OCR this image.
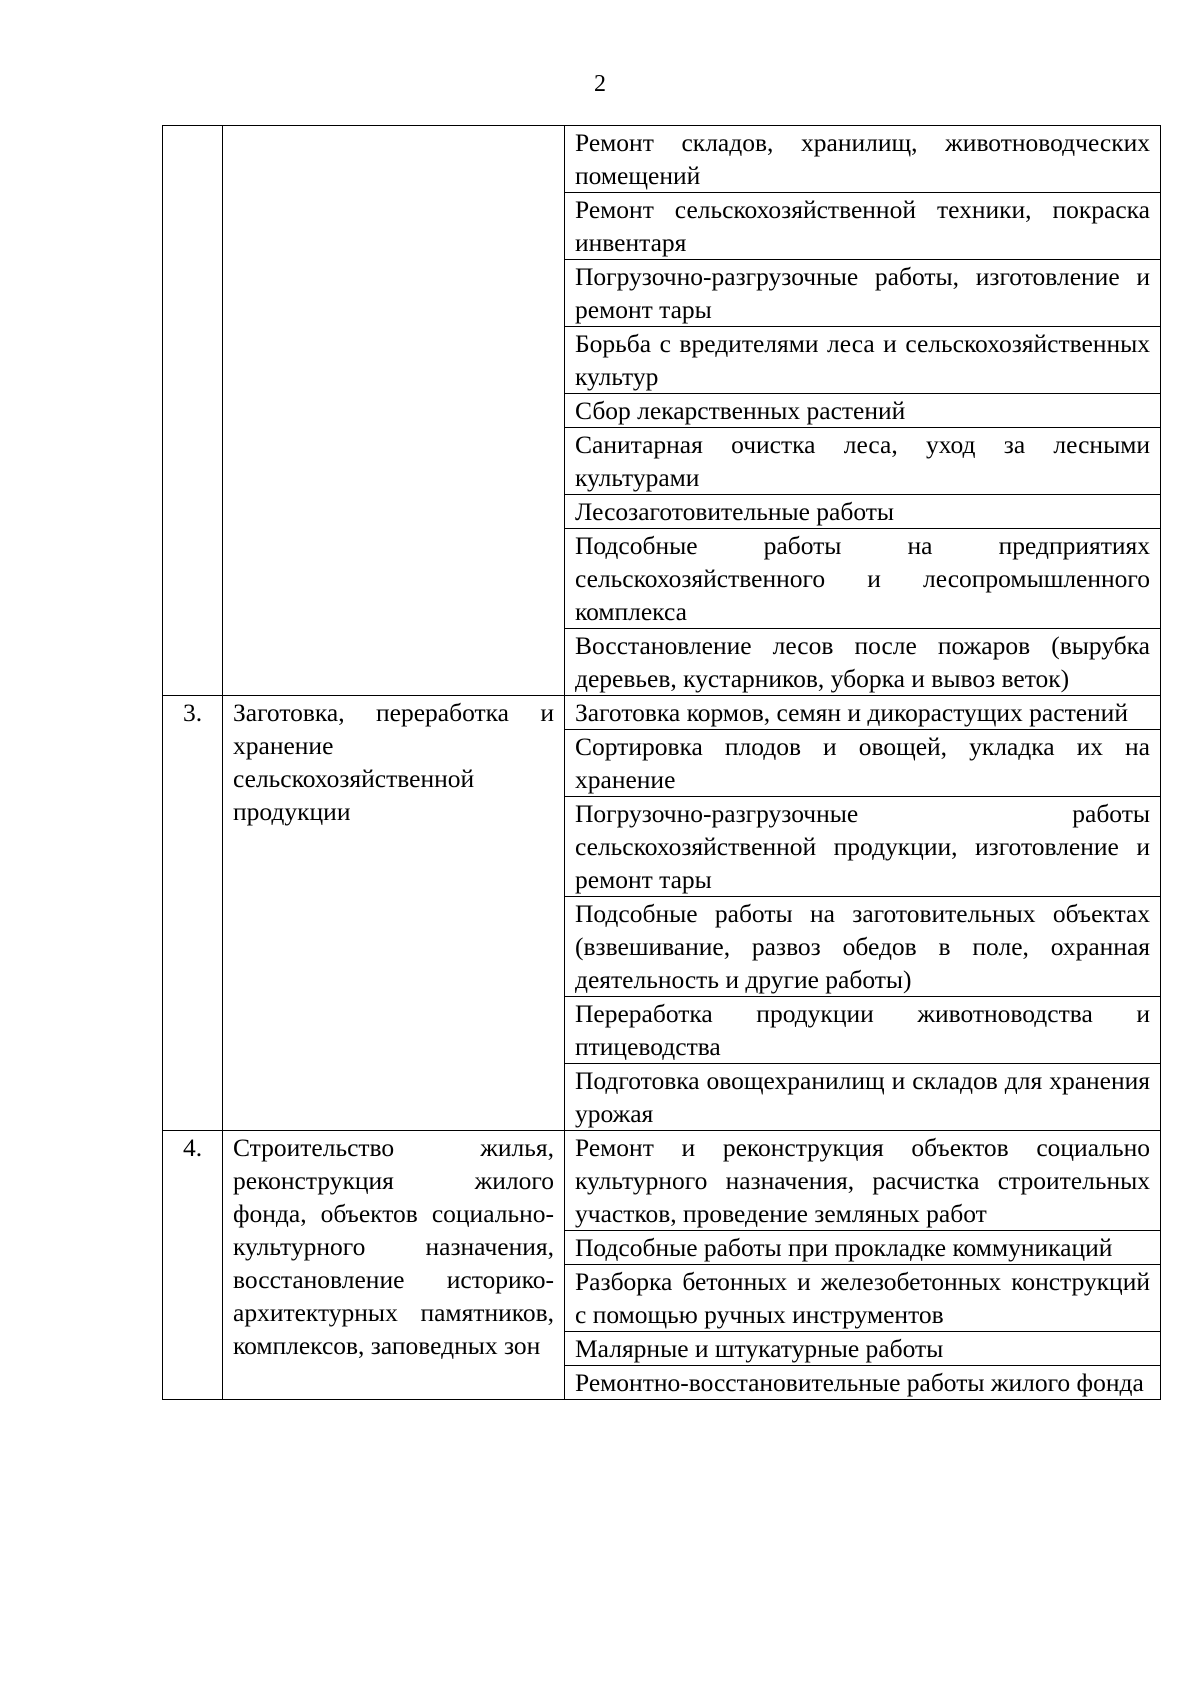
2
		Ремонт складов, хранилищ, животноводческих помещений
		Ремонт сельскохозяйственной техники, покраска инвентаря
		Погрузочно-разгрузочные работы, изготовление и ремонт тары
		Борьба с вредителями леса и сельскохозяйственных культур
		Сбор лекарственных растений
		Санитарная очистка леса, уход за лесными культурами
		Лесозаготовительные работы
		Подсобные работы на предприятиях сельскохозяйственного и лесопромышленного комплекса
		Восстановление лесов после пожаров (вырубка деревьев, кустарников, уборка и вывоз веток)
3.	Заготовка, переработка и хранение сельскохозяйственной продукции	Заготовка кормов, семян и дикорастущих растений
		Сортировка плодов и овощей, укладка их на хранение
		Погрузочно-разгрузочные работы сельскохозяйственной продукции, изготовление и ремонт тары
		Подсобные работы на заготовительных объектах (взвешивание, развоз обедов в поле, охранная деятельность и другие работы)
		Переработка продукции животноводства и птицеводства
		Подготовка овощехранилищ и складов для хранения урожая
4.	Строительство жилья, реконструкция жилого фонда, объектов социально-культурного назначения, восстановление историко-архитектурных памятников, комплексов, заповедных зон	Ремонт и реконструкция объектов социально культурного назначения, расчистка строительных участков, проведение земляных работ
		Подсобные работы при прокладке коммуникаций
		Разборка бетонных и железобетонных конструкций с помощью ручных инструментов
		Малярные и штукатурные работы
		Ремонтно-восстановительные работы жилого фонда
